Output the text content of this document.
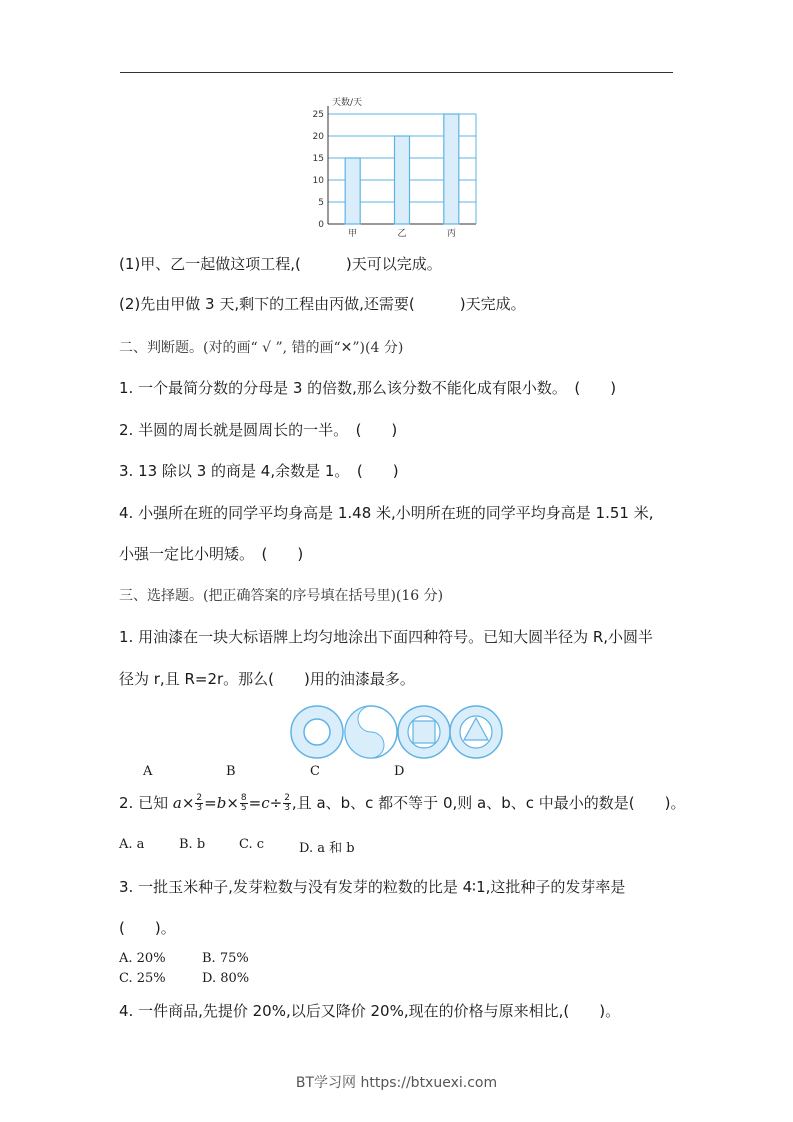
0
5
10
15
20
25
甲	乙	丙
天数/天
(1)甲、乙一起做这项工程,(　　　)天可以完成。
(2)先由甲做 3 天,剩下的工程由丙做,还需要(　　　)天完成。
二、判断题。(对的画“ √ ”, 错的画“✕”)(4 分)
1. 一个最简分数的分母是 3 的倍数,那么该分数不能化成有限小数。　(　　)
2. 半圆的周长就是圆周长的一半。　(　　)
3. 13 除以 3 的商是 4,余数是 1。　(　　)
4. 小强所在班的同学平均身高是 1.48 米,小明所在班的同学平均身高是 1.51 米,
小强一定比小明矮。　(　　)
三、选择题。(把正确答案的序号填在括号里)(16 分)
1. 用油漆在一块大标语牌上均匀地涂出下面四种符号。已知大圆半径为 R,小圆半
径为 r,且 R=2r。那么(　　)用的油漆最多。
A	B	C	D
2. 已知 $a\times \frac{2}{3} =b\times \frac{8}{5} =c\div \frac{2}{3}$ ,且 a、b、c 都不等于 0,则 a、b、c 中最小的数是(　　)。
A. a	B. b	C. c	D. a 和 b
3. 一批玉米种子,发芽粒数与没有发芽的粒数的比是 4∶1,这批种子的发芽率是
(　　)。
A. 20%	B. 75%
C. 25%	D. 80%
4. 一件商品,先提价 20%,以后又降价 20%,现在的价格与原来相比,(　　)。
BT学习网 https://btxuexi.com
